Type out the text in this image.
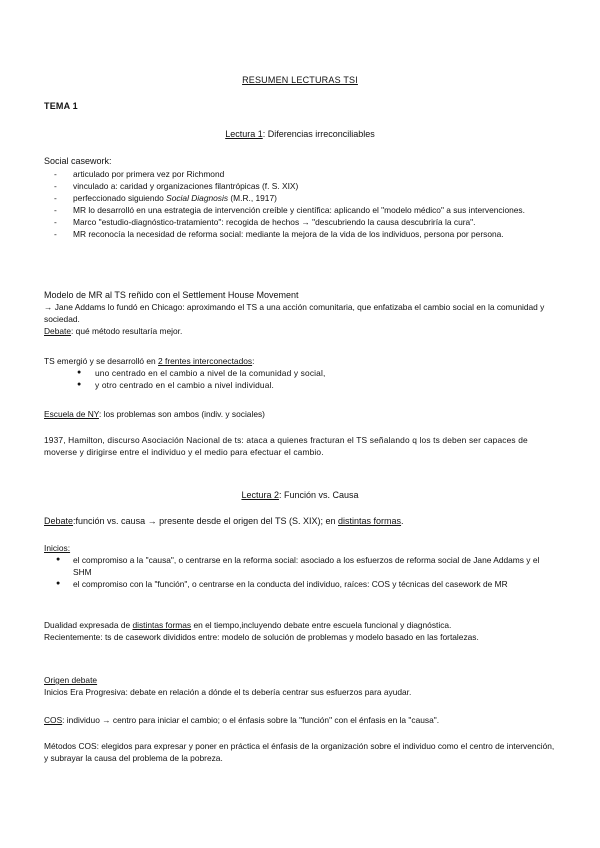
RESUMEN LECTURAS TSI
TEMA 1
Lectura 1: Diferencias irreconciliables
Social casework:
- articulado por primera vez por Richmond
- vinculado a: caridad y organizaciones filantrópicas (f. S. XIX)
- perfeccionado siguiendo Social Diagnosis (M.R., 1917)
- MR lo desarrolló en una estrategia de intervención creíble y científica: aplicando el "modelo médico" a sus intervenciones.
- Marco "estudio-diagnóstico-tratamiento": recogida de hechos → "descubriendo la causa descubriría la cura".
- MR reconocía la necesidad de reforma social: mediante la mejora de la vida de los individuos, persona por persona.
Modelo de MR al TS reñido con el Settlement House Movement
→ Jane Addams lo fundó en Chicago: aproximando el TS a una acción comunitaria, que enfatizaba el cambio social en la comunidad y sociedad.
Debate: qué método resultaría mejor.
TS emergió y se desarrolló en 2 frentes interconectados:
● uno centrado en el cambio a nivel de la comunidad y social,
● y otro centrado en el cambio a nivel individual.
Escuela de NY: los problemas son ambos (indiv. y sociales)
1937, Hamilton, discurso Asociación Nacional de ts: ataca a quienes fracturan el TS señalando q los ts deben ser capaces de moverse y dirigirse entre el individuo y el medio para efectuar el cambio.
Lectura 2: Función vs. Causa
Debate:función vs. causa → presente desde el origen del TS (S. XIX); en distintas formas.
Inicios:
● el compromiso a la "causa", o centrarse en la reforma social: asociado a los esfuerzos de reforma social de Jane Addams y el SHM
● el compromiso con la "función", o centrarse en la conducta del individuo, raíces: COS y técnicas del casework de MR
Dualidad expresada de distintas formas en el tiempo,incluyendo debate entre escuela funcional y diagnóstica.
Recientemente: ts de casework divididos entre: modelo de solución de problemas y modelo basado en las fortalezas.
Origen debate
Inicios Era Progresiva: debate en relación a dónde el ts debería centrar sus esfuerzos para ayudar.
COS: individuo → centro para iniciar el cambio; o el énfasis sobre la "función" con el énfasis en la "causa".
Métodos COS: elegidos para expresar y poner en práctica el énfasis de la organización sobre el individuo como el centro de intervención, y subrayar la causa del problema de la pobreza.
